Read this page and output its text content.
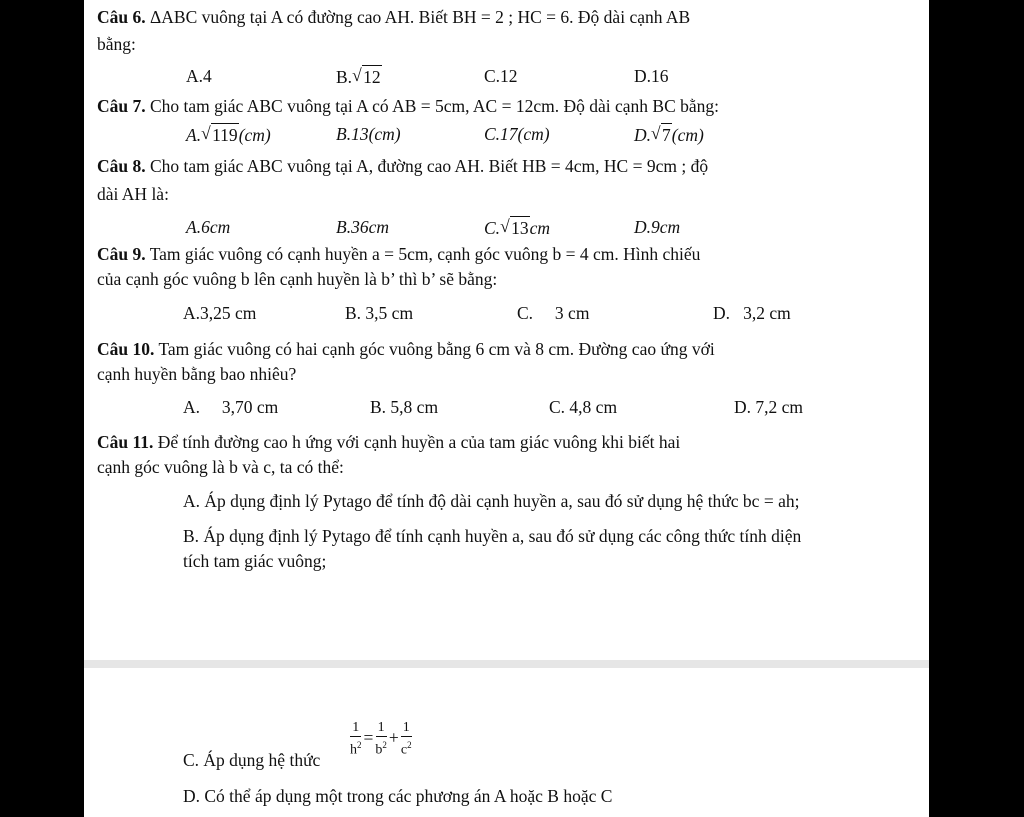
Câu 6. ΔABC vuông tại A có đường cao AH. Biết BH = 2 ; HC = 6. Độ dài cạnh AB
bằng:
A.4	B. √ 12	C.12	D.16
Câu 7. Cho tam giác ABC vuông tại A có AB = 5cm, AC = 12cm. Độ dài cạnh BC bằng:
A. √ 119(cm)	B.13(cm)	C.17(cm)	D. √ 7(cm)
Câu 8. Cho tam giác ABC vuông tại A, đường cao AH. Biết HB = 4cm, HC = 9cm ; độ
dài AH là:
A.6cm	B.36cm	C. √ 13cm	D.9cm
Câu 9. Tam giác vuông có cạnh huyền a = 5cm, cạnh góc vuông b = 4 cm. Hình chiếu
của cạnh góc vuông b lên cạnh huyền là b’ thì b’ sẽ bằng:
A.3,25 cm	B. 3,5 cm	C.     3 cm	D.   3,2 cm
Câu 10. Tam giác vuông có hai cạnh góc vuông bằng 6 cm và 8 cm. Đường cao ứng với
cạnh huyền bằng bao nhiêu?
A.     3,70 cm	B. 5,8 cm	C. 4,8 cm	D. 7,2 cm
Câu 11. Để tính đường cao h ứng với cạnh huyền a của tam giác vuông khi biết hai
cạnh góc vuông là b và c, ta có thể:
A. Áp dụng định lý Pytago để tính độ dài cạnh huyền a, sau đó sử dụng hệ thức bc = ah;
B. Áp dụng định lý Pytago để tính cạnh huyền a, sau đó sử dụng các công thức tính diện
tích tam giác vuông;
C. Áp dụng hệ thức
$\frac{1}{h^2} = \frac{1}{b^2} + \frac{1}{c^2}$
D. Có thể áp dụng một trong các phương án A hoặc B hoặc C
